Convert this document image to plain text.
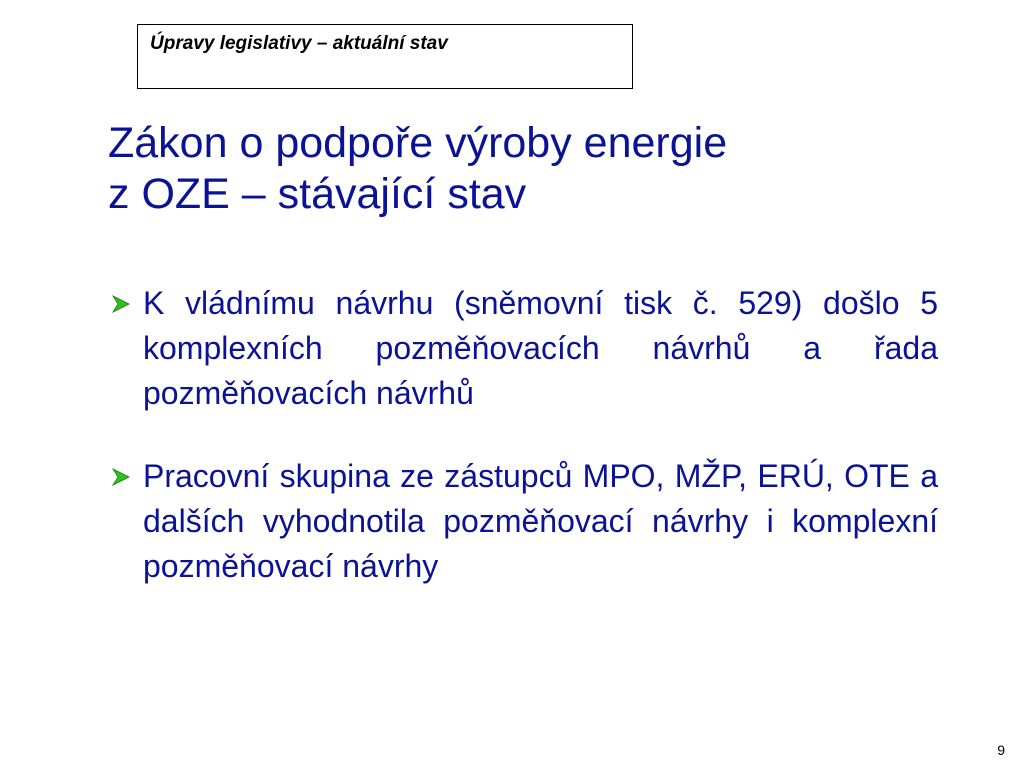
Úpravy legislativy – aktuální stav
Zákon o podpoře výroby energie
z OZE – stávající stav
K vládnímu návrhu (sněmovní tisk č. 529) došlo 5 komplexních pozměňovacích návrhů a řada pozměňovacích návrhů
Pracovní skupina ze zástupců MPO, MŽP, ERÚ, OTE a dalších vyhodnotila pozměňovací návrhy i komplexní pozměňovací návrhy
9
